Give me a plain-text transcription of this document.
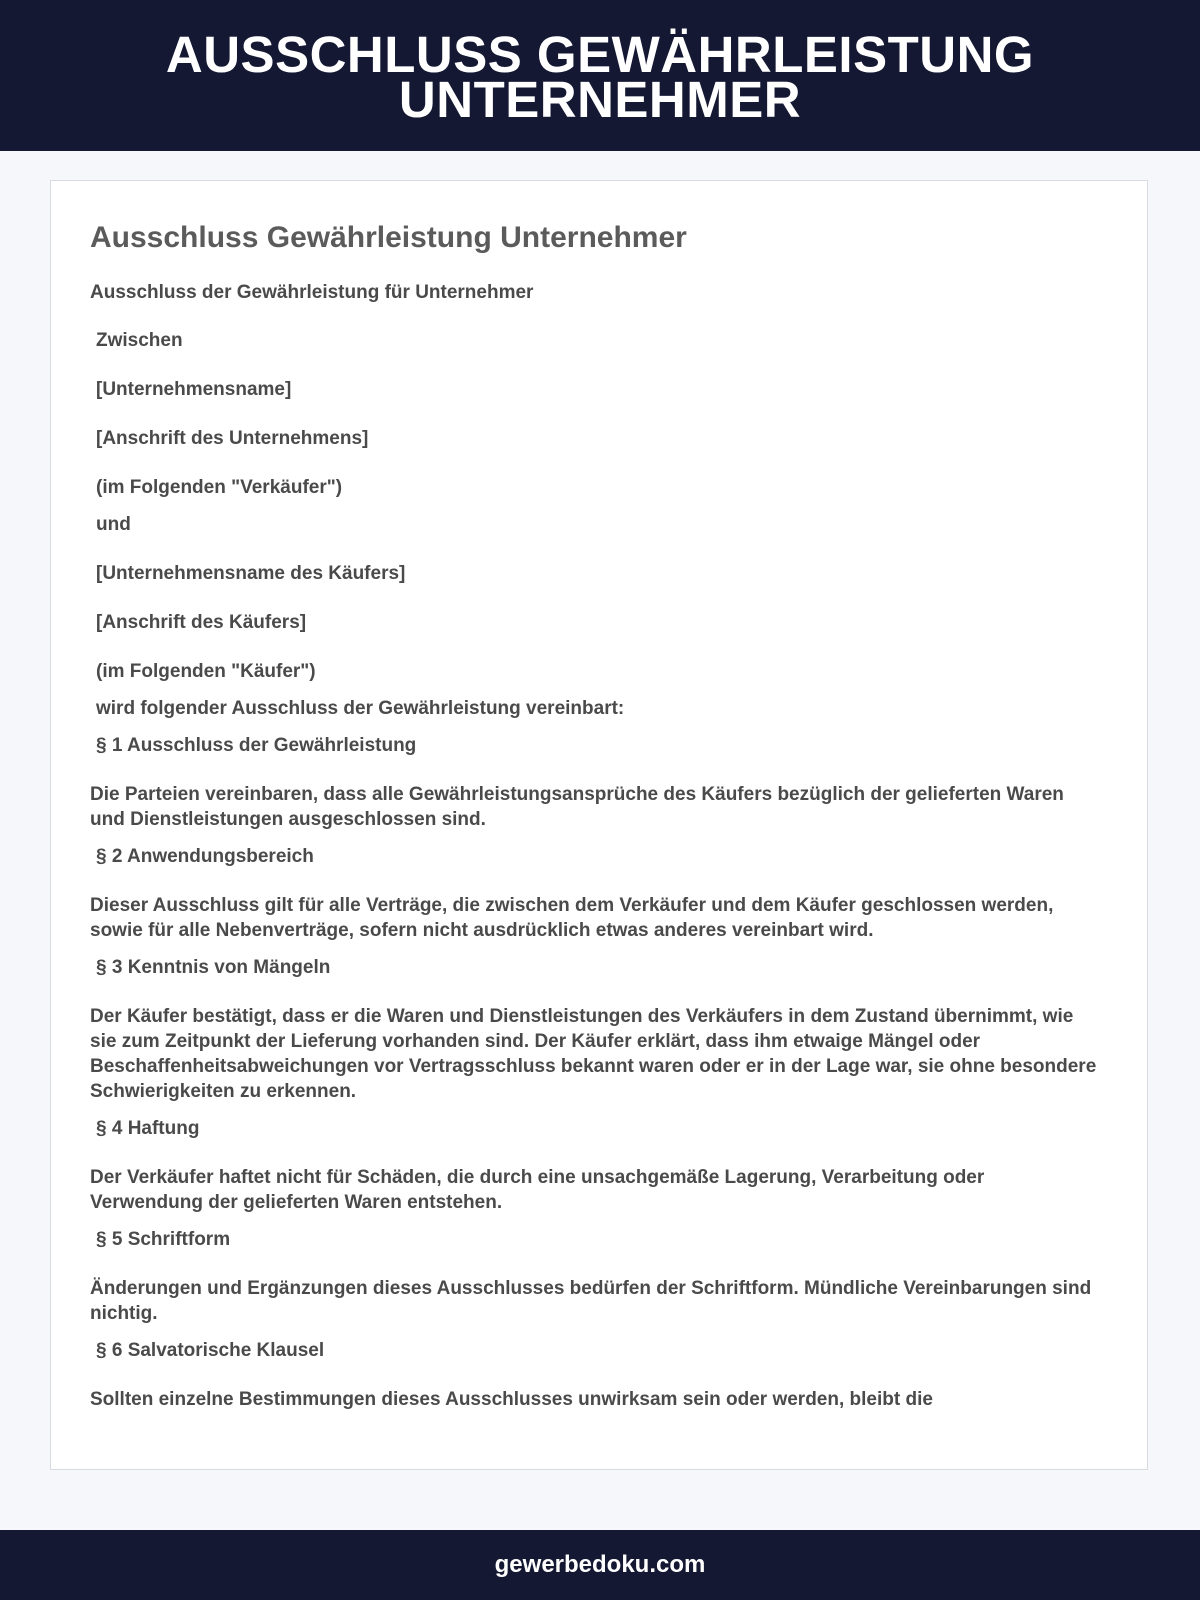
AUSSCHLUSS GEWÄHRLEISTUNG UNTERNEHMER
Ausschluss Gewährleistung Unternehmer

Ausschluss der Gewährleistung für Unternehmer

Zwischen

[Unternehmensname]

[Anschrift des Unternehmens]

(im Folgenden "Verkäufer")

und

[Unternehmensname des Käufers]

[Anschrift des Käufers]

(im Folgenden "Käufer")

wird folgender Ausschluss der Gewährleistung vereinbart:

§ 1 Ausschluss der Gewährleistung

Die Parteien vereinbaren, dass alle Gewährleistungsansprüche des Käufers bezüglich der gelieferten Waren und Dienstleistungen ausgeschlossen sind.

§ 2 Anwendungsbereich

Dieser Ausschluss gilt für alle Verträge, die zwischen dem Verkäufer und dem Käufer geschlossen werden, sowie für alle Nebenverträge, sofern nicht ausdrücklich etwas anderes vereinbart wird.

§ 3 Kenntnis von Mängeln

Der Käufer bestätigt, dass er die Waren und Dienstleistungen des Verkäufers in dem Zustand übernimmt, wie sie zum Zeitpunkt der Lieferung vorhanden sind. Der Käufer erklärt, dass ihm etwaige Mängel oder Beschaffenheitsabweichungen vor Vertragsschluss bekannt waren oder er in der Lage war, sie ohne besondere Schwierigkeiten zu erkennen.

§ 4 Haftung

Der Verkäufer haftet nicht für Schäden, die durch eine unsachgemäße Lagerung, Verarbeitung oder Verwendung der gelieferten Waren entstehen.

§ 5 Schriftform

Änderungen und Ergänzungen dieses Ausschlusses bedürfen der Schriftform. Mündliche Vereinbarungen sind nichtig.

§ 6 Salvatorische Klausel

Sollten einzelne Bestimmungen dieses Ausschlusses unwirksam sein oder werden, bleibt die

gewerbedoku.com
